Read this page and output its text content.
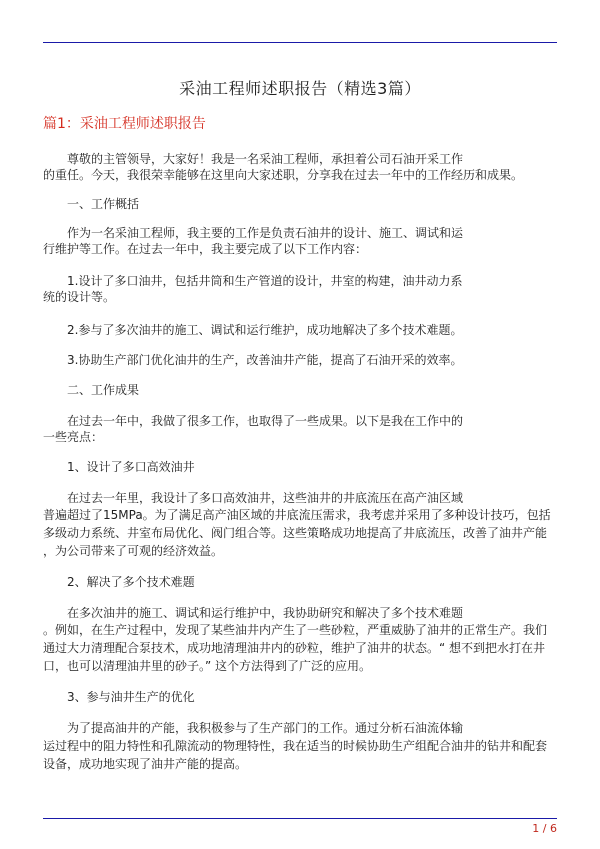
采油工程师述职报告（精选3篇）
篇1：采油工程师述职报告
尊敬的主管领导，大家好！我是一名采油工程师，承担着公司石油开采工作
的重任。今天，我很荣幸能够在这里向大家述职，分享我在过去一年中的工作经历和成果。
一、工作概括
作为一名采油工程师，我主要的工作是负责石油井的设计、施工、调试和运
行维护等工作。在过去一年中，我主要完成了以下工作内容：
1.设计了多口油井，包括井筒和生产管道的设计，井室的构建，油井动力系
统的设计等。
2.参与了多次油井的施工、调试和运行维护，成功地解决了多个技术难题。
3.协助生产部门优化油井的生产，改善油井产能，提高了石油开采的效率。
二、工作成果
在过去一年中，我做了很多工作，也取得了一些成果。以下是我在工作中的
一些亮点：
1、设计了多口高效油井
在过去一年里，我设计了多口高效油井，这些油井的井底流压在高产油区域
普遍超过了15MPa。为了满足高产油区域的井底流压需求，我考虑并采用了多种设计技巧，包括
多级动力系统、井室布局优化、阀门组合等。这些策略成功地提高了井底流压，改善了油井产能
，为公司带来了可观的经济效益。
2、解决了多个技术难题
在多次油井的施工、调试和运行维护中，我协助研究和解决了多个技术难题
。例如，在生产过程中，发现了某些油井内产生了一些砂粒，严重威胁了油井的正常生产。我们
通过大力清理配合泵技术，成功地清理油井内的砂粒，维护了油井的状态。“ 想不到把水打在井
口，也可以清理油井里的砂子。” 这个方法得到了广泛的应用。
3、参与油井生产的优化
为了提高油井的产能，我积极参与了生产部门的工作。通过分析石油流体输
运过程中的阻力特性和孔隙流动的物理特性，我在适当的时候协助生产组配合油井的钻井和配套
设备，成功地实现了油井产能的提高。
1 / 6
